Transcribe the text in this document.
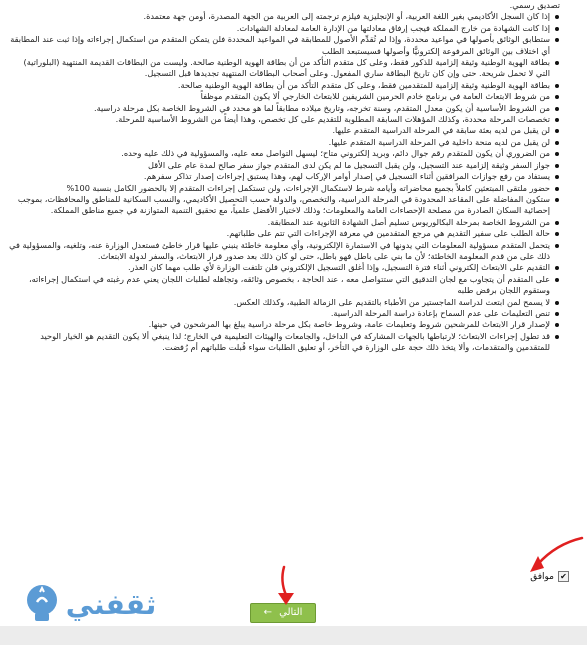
تصديق رسمي.
إذا كان السجل الأكاديمي بغير اللغة العربية، أو الإنجليزية فيلزم ترجمته إلى العربية من الجهة المصدرة، أومن جهة معتمدة.
إذا كانت الشهادة من خارج المملكة فيجب إرفاق معادلتها من الإدارة العامة لمعادلة الشهادات.
ستطابق الوثائق بأصولها في مواعيد محددة، وإذا لم تُقدِّم الأصول للمطابقة في المواعيد المحددة فلن يتمكن المتقدم من استكمال إجراءاته وإذا ثبت عند المطابقة أي اختلاف بين الوثائق المرفوعة إلكترونيًّا وأصولها فسيستبعد الطلب
بطاقة الهوية الوطنية وثيقة إلزامية للذكور فقط، وعلى كل متقدم التأكد من أن بطاقة الهوية الوطنية صالحة. وليست من البطاقات القديمة المنتهية (البلوراتية) التي لا تحمل شريحة. حتى وإن كان تاريخ البطاقة ساري المفعول. وعلى أصحاب البطاقات المنتهية تجديدها قبل التسجيل.
بطاقة الهوية الوطنية وثيقة إلزامية للمتقدمين فقط، وعلى كل متقدم التأكد من أن بطاقة الهوية الوطنية صالحة.
من شروط الابتعاث العامة في برنامج خادم الحرمين الشريفين للابتعاث الخارجي ألا يكون المتقدم موظفاً
من الشروط الأساسية أن يكون معدل المتقدم، وسنة تخرجه، وتاريخ ميلاده مطابقاً لما هو محدد في الشروط الخاصة بكل مرحلة دراسية.
تخصصات المرحلة محددة، وكذلك المؤهلات السابقة المطلوبة للتقديم على كل تخصص، وهذا أيضاً من الشروط الأساسية للمرحلة.
لن يقبل من لديه بعثة سابقة في المرحلة الدراسية المتقدم عليها.
لن يقبل من لديه منحة داخلية في المرحلة الدراسية المتقدم عليها.
من الضروري أن يكون للمتقدم رقم جوال دائم، وبريد إلكتروني متاح؛ ليسهل التواصل معه عليه، والمسؤولية في ذلك عليه وحده.
جواز السفر وثيقة إلزامية عند التسجيل، ولن يقبل التسجيل ما لم يكن لدى المتقدم جواز سفر صالح لمدة عام على الأقل
يستفاد من رفع جوازات المرافقين أثناء التسجيل في إصدار أوامر الإركاب لهم، وهذا يستبق إجراءات إصدار تذاكر سفرهم.
حضور ملتقى المبتعثين كاملاً بجميع محاضراته وأيامه شرط لاستكمال الإجراءات، ولن تستكمل إجراءات المتقدم إلا بالحضور الكامل بنسبة 100%
ستكون المفاضلة على المقاعد المحدودة في المرحلة الدراسية، والتخصص، والدولة حسب التحصيل الأكاديمي، والنسب السكانية للمناطق والمحافظات، بموجب إحصائية السكان الصادرة من مصلحة الإحصاءات العامة والمعلومات؛ وذلك لاختيار الأفضل علمياً، مع تحقيق التنمية المتوازنة في جميع مناطق المملكة.
من الشروط الخاصة بمرحلة البكالوريوس تسليم أصل الشهادة الثانوية عند المطابقة.
حالة الطلب على سفير التقديم هي مرجع المتقدمين في معرفة الإجراءات التي تتم على طلباتهم.
يتحمل المتقدم مسؤولية المعلومات التي يدونها في الاستمارة الإلكترونية، وأي معلومة خاطئة ينبني عليها قرار خاطئ فستعدل الوزارة عنه، وتلغيه، والمسؤولية في ذلك على من قدم المعلومة الخاطئة؛ لأن ما بني على باطل فهو باطل، حتى لو كان ذلك بعد صدور قرار الابتعاث، والسفر لدولة الابتعاث.
التقديم على الابتعاث إلكتروني أثناء فترة التسجيل، وإذا أغلق التسجيل الإلكتروني فلن تلتفت الوزارة لأي طلب مهما كان العذر.
على المتقدم أن يتجاوب مع لجان التدقيق التي ستتواصل معه ، عند الحاجة ، بخصوص وثائقه، وتجاهله لطلبات اللجان يعني عدم رغبته في استكمال إجراءاته، وستقوم اللجان برفض طلبه
لا يسمح لمن ابتعث لدراسة الماجستير من الأطباء بالتقديم على الزمالة الطبية، وكذلك العكس.
تنص التعليمات على عدم السماح بإعادة دراسة المرحلة الدراسية.
لإصدار قرار الابتعاث للمرشحين شروط وتعليمات عامة، وشروط خاصة بكل مرحلة دراسية يبلغ بها المرشحون في حينها.
قد تطول إجراءات الابتعاث؛ لارتباطها بالجهات المشاركة في الداخل، والجامعات والهيئات التعليمية في الخارج؛ لذا ينبغي ألا يكون التقديم هو الخيار الوحيد للمتقدمين والمتقدمات، وألا يتخذ ذلك حجة على الوزارة في التأخر، أو تعليق الطلبات سواء قُبلت طلباتهم أم رُفضت.
✔
موافق
← التالي
ثقفني
